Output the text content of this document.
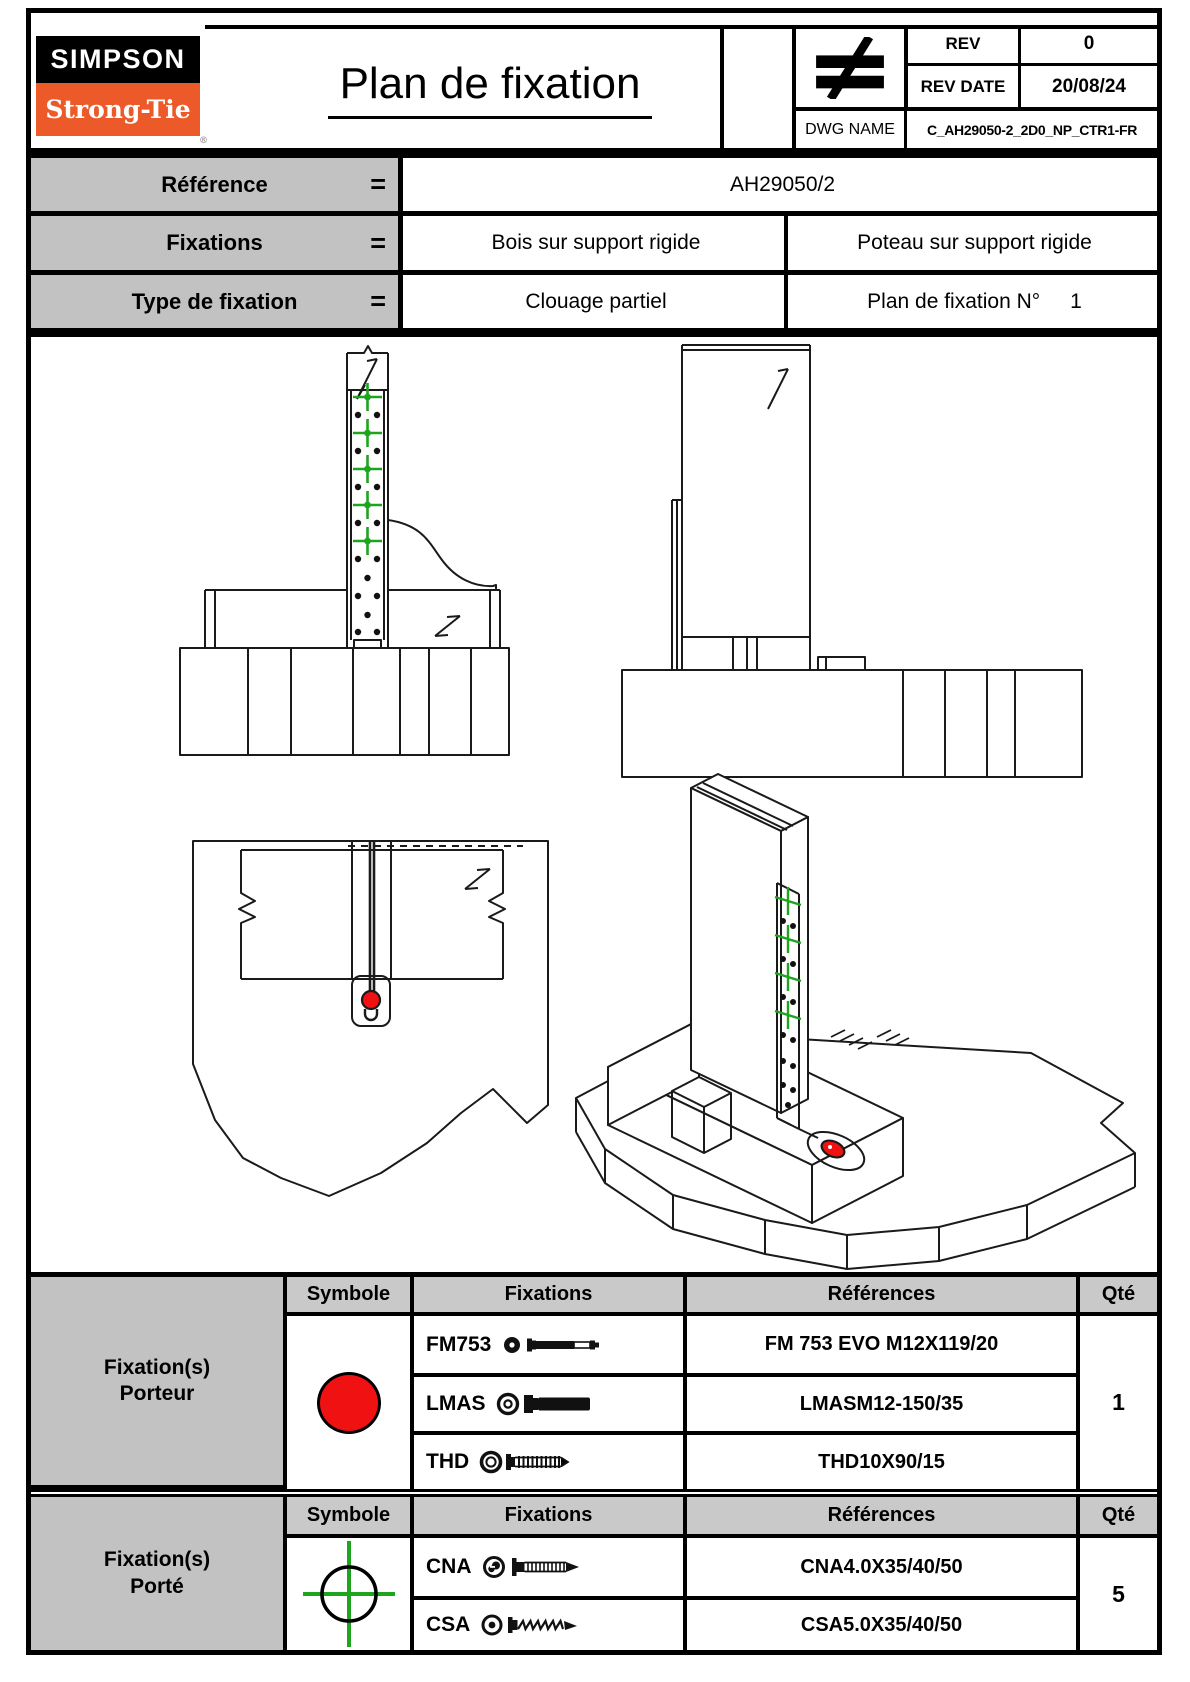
SIMPSON
Strong-Tie
®
Plan de fixation
REV	0
REV DATE	20/08/24
DWG NAME	C_AH29050-2_2D0_NP_CTR1-FR
Référence	=	AH29050/2
Fixations	=	Bois sur support rigide	Poteau sur support rigide
Type de fixation	=	Clouage partiel	Plan de fixation N° 1
Fixation(s)
Porteur
Symbole	Fixations	Références	Qté
FM753	FM 753 EVO M12X119/20
LMAS	LMASM12-150/35
THD	THD10X90/15
1
Fixation(s)
Porté
Symbole	Fixations	Références	Qté
CNA	CNA4.0X35/40/50
CSA	CSA5.0X35/40/50
5
